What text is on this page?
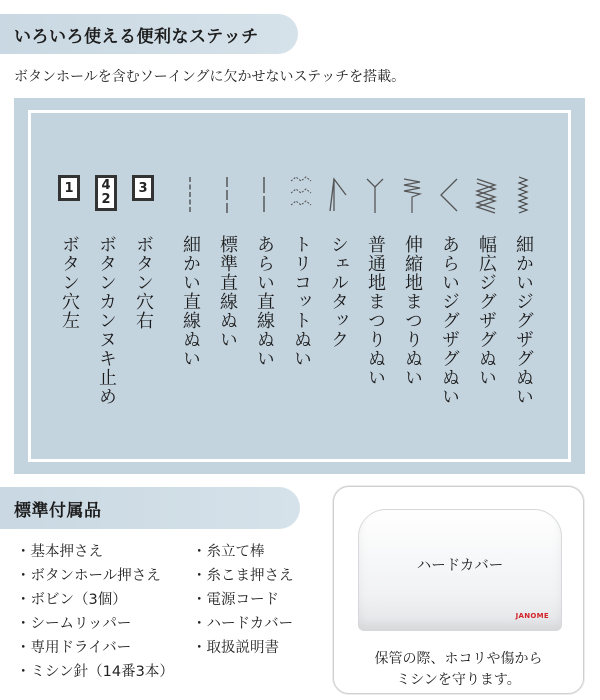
いろいろ使える便利なステッチ
ボタンホールを含むソーイングに欠かせないステッチを搭載。
細かいジグザグぬい
幅広ジグザグぬい
あらいジグザグぬい
伸縮地まつりぬい
普通地まつりぬい
シェルタック
トリコットぬい
あらい直線ぬい
標準直線ぬい
細かい直線ぬい
3
ボタン穴右
4
2
ボタンカンヌキ止め
1
ボタン穴左
標準付属品
・基本押さえ
・ボタンホール押さえ
・ボビン（3個）
・シームリッパー
・専用ドライバー
・ミシン針（14番3本）
・糸立て棒
・糸こま押さえ
・電源コード
・ハードカバー
・取扱説明書
ハードカバー
JANOME
保管の際、ホコリや傷から
ミシンを守ります。
